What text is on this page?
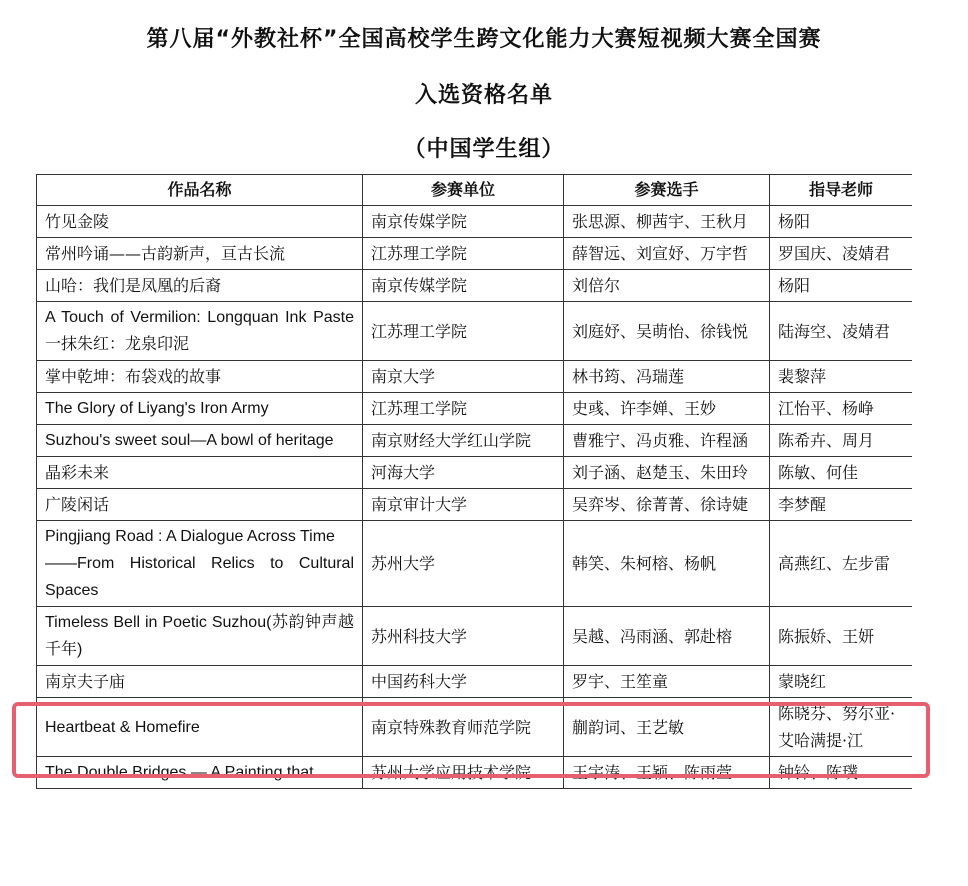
第八届“外教社杯”全国高校学生跨文化能力大赛短视频大赛全国赛
入选资格名单
（中国学生组）
作品名称	参赛单位	参赛选手	指导老师
竹见金陵	南京传媒学院	张思源、柳茜宇、王秋月	杨阳
常州吟诵——古韵新声，亘古长流	江苏理工学院	薛智远、刘宣妤、万宇哲	罗国庆、凌婧君
山哈：我们是凤凰的后裔	南京传媒学院	刘倍尔	杨阳
A Touch of Vermilion: Longquan Ink Paste 一抹朱红：龙泉印泥	江苏理工学院	刘庭妤、吴萌怡、徐钱悦	陆海空、凌婧君
掌中乾坤：布袋戏的故事	南京大学	林书筠、冯瑞莲	裴黎萍
The Glory of Liyang's Iron Army	江苏理工学院	史彧、许李婵、王妙	江怡平、杨峥
Suzhou's sweet soul—A bowl of heritage	南京财经大学红山学院	曹雅宁、冯贞雅、许程涵	陈希卉、周月
晶彩未来	河海大学	刘子涵、赵楚玉、朱田玲	陈敏、何佳
广陵闲话	南京审计大学	吴弈岑、徐菁菁、徐诗婕	李梦醒

Pingjiang Road : A Dialogue Across Time
——From Historical Relics to Cultural Spaces	苏州大学	韩笑、朱柯榕、杨帆	高燕红、左步雷
Timeless Bell in Poetic Suzhou(苏韵钟声越千年)	苏州科技大学	吴越、冯雨涵、郭赴榕	陈振娇、王妍
南京夫子庙	中国药科大学	罗宇、王笙童	蒙晓红
Heartbeat & Homefire	南京特殊教育师范学院	蒯韵词、王艺敏	陈晓芬、努尔亚·艾哈满提·江
The Double Bridges — A Painting that	苏州大学应用技术学院	王宇涛、王颖、陈雨萱	钟钤、陈璞
